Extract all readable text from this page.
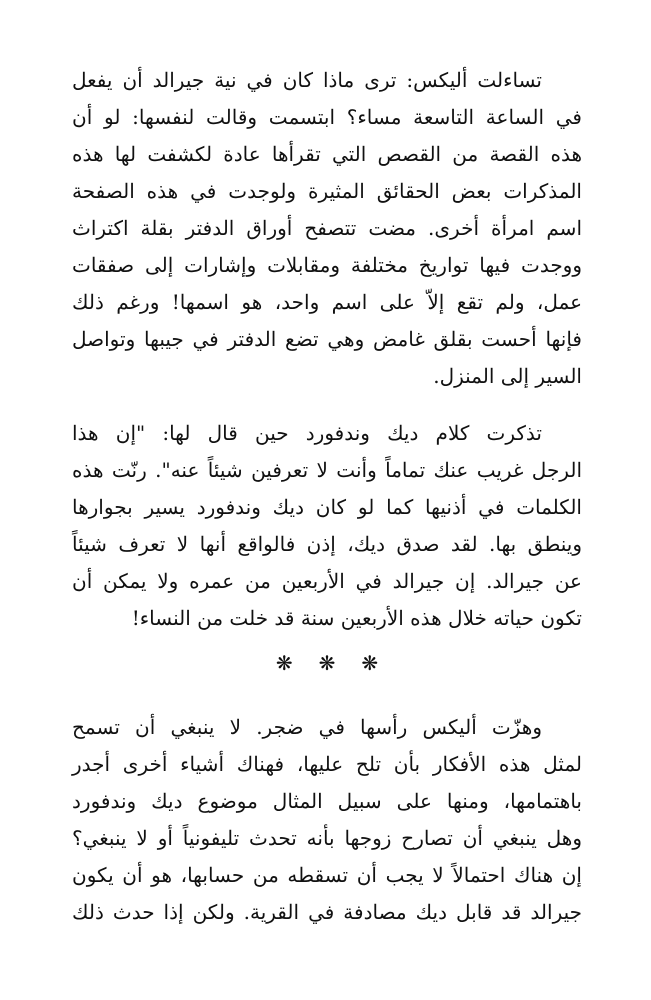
تساءلت أليكس: ترى ماذا كان في نية جيرالد أن يفعل
في الساعة التاسعة مساء؟ ابتسمت وقالت لنفسها: لو أن
هذه القصة من القصص التي تقرأها عادة لكشفت لها هذه
المذكرات بعض الحقائق المثيرة ولوجدت في هذه الصفحة
اسم امرأة أخرى. مضت تتصفح أوراق الدفتر بقلة اكتراث
ووجدت فيها تواريخ مختلفة ومقابلات وإشارات إلى صفقات
عمل، ولم تقع إلاّ على اسم واحد، هو اسمها! ورغم ذلك
فإنها أحست بقلق غامض وهي تضع الدفتر في جيبها وتواصل
السير إلى المنزل.
تذكرت كلام ديك وندفورد حين قال لها: "إن هذا
الرجل غريب عنك تماماً وأنت لا تعرفين شيئاً عنه". رنّت هذه
الكلمات في أذنيها كما لو كان ديك وندفورد يسير بجوارها
وينطق بها. لقد صدق ديك، إذن فالواقع أنها لا تعرف شيئاً
عن جيرالد. إن جيرالد في الأربعين من عمره ولا يمكن أن
تكون حياته خلال هذه الأربعين سنة قد خلت من النساء!
❋ ❋ ❋
وهزّت أليكس رأسها في ضجر. لا ينبغي أن تسمح
لمثل هذه الأفكار بأن تلح عليها، فهناك أشياء أخرى أجدر
باهتمامها، ومنها على سبيل المثال موضوع ديك وندفورد
وهل ينبغي أن تصارح زوجها بأنه تحدث تليفونياً أو لا ينبغي؟
إن هناك احتمالاً لا يجب أن تسقطه من حسابها، هو أن يكون
جيرالد قد قابل ديك مصادفة في القرية. ولكن إذا حدث ذلك
